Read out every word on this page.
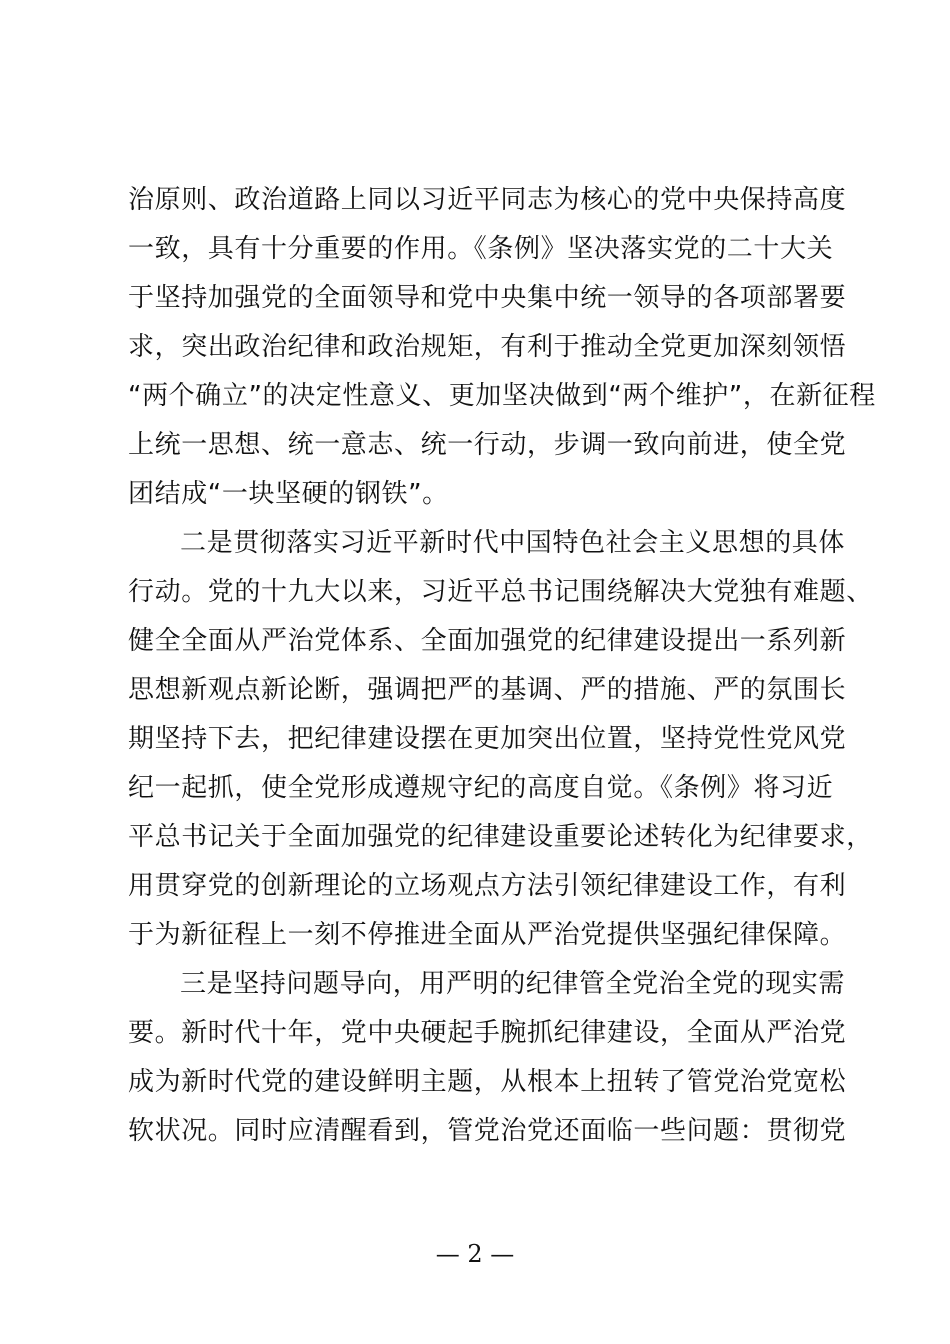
治原则、政治道路上同以习近平同志为核心的党中央保持高度
一致，具有十分重要的作用。《条例》坚决落实党的二十大关
于坚持加强党的全面领导和党中央集中统一领导的各项部署要
求，突出政治纪律和政治规矩，有利于推动全党更加深刻领悟
“两个确立”的决定性意义、更加坚决做到“两个维护”，在新征程
上统一思想、统一意志、统一行动，步调一致向前进，使全党
团结成“一块坚硬的钢铁”。
二是贯彻落实习近平新时代中国特色社会主义思想的具体
行动。党的十九大以来，习近平总书记围绕解决大党独有难题、
健全全面从严治党体系、全面加强党的纪律建设提出一系列新
思想新观点新论断，强调把严的基调、严的措施、严的氛围长
期坚持下去，把纪律建设摆在更加突出位置，坚持党性党风党
纪一起抓，使全党形成遵规守纪的高度自觉。《条例》将习近
平总书记关于全面加强党的纪律建设重要论述转化为纪律要求，
用贯穿党的创新理论的立场观点方法引领纪律建设工作，有利
于为新征程上一刻不停推进全面从严治党提供坚强纪律保障。
三是坚持问题导向，用严明的纪律管全党治全党的现实需
要。新时代十年，党中央硬起手腕抓纪律建设，全面从严治党
成为新时代党的建设鲜明主题，从根本上扭转了管党治党宽松
软状况。同时应清醒看到，管党治党还面临一些问题：贯彻党
— 2 —
